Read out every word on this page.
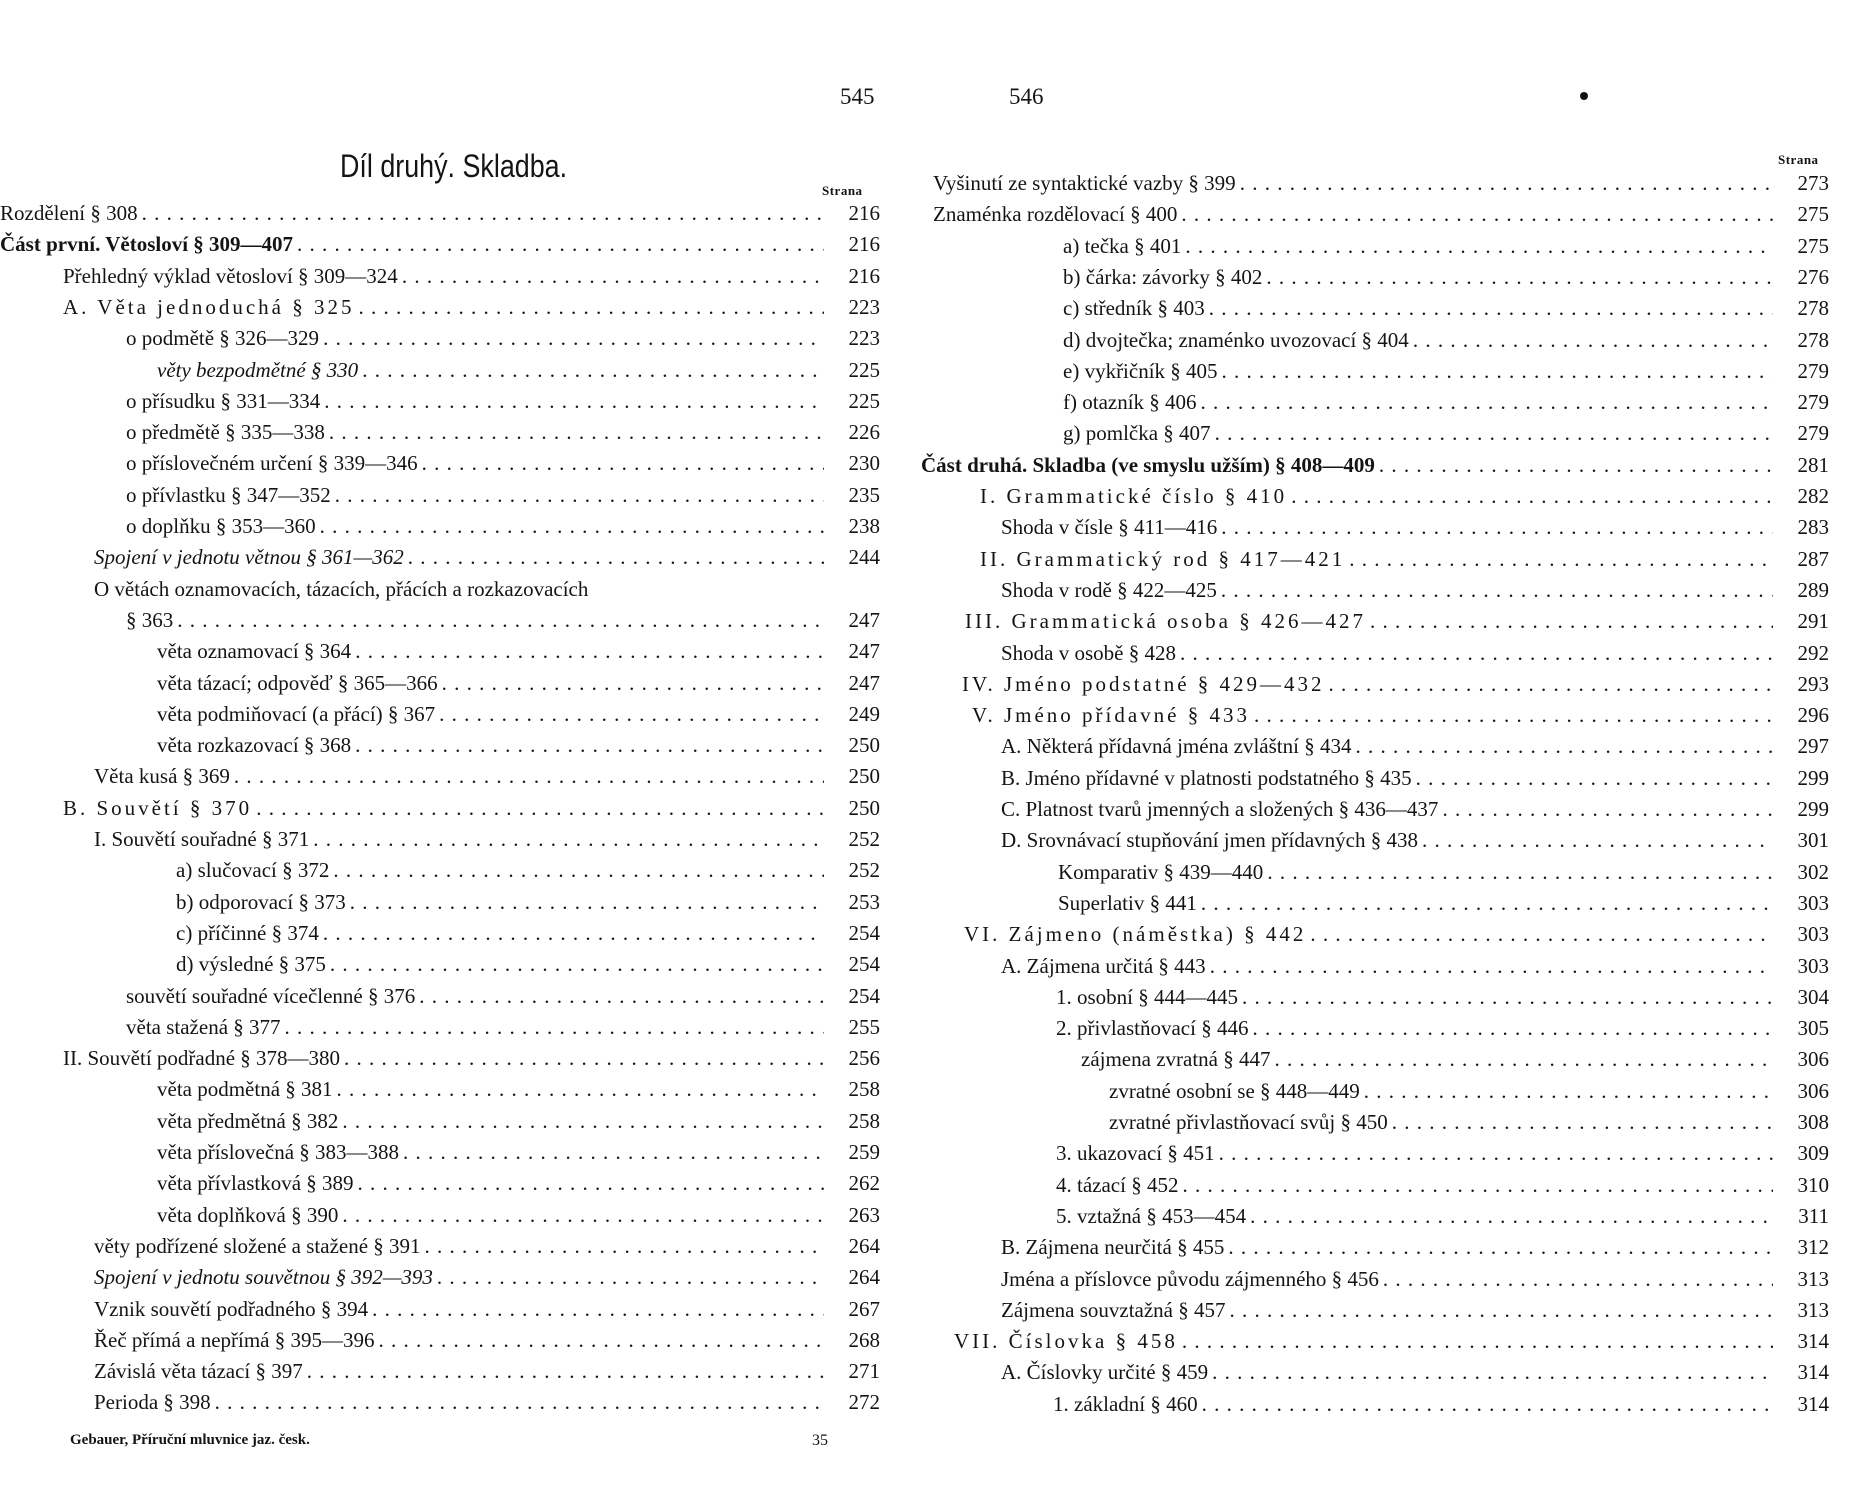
545
Díl druhý. Skladba.
Strana
Rozdělení § 308 . . .	216
Část první. Větosloví § 309—407 . . .	216
Přehledný výklad větosloví § 309—324 . . .	216
A. Věta jednoduchá § 325 . . .	223
o podmětě § 326—329 . . .	223
věty bezpodmětné § 330 . . .	225
o přísudku § 331—334 . . .	225
o předmětě § 335—338 . . .	226
o příslovečném určení § 339—346 . . .	230
o přívlastku § 347—352 . . .	235
o doplňku § 353—360 . . .	238
Spojení v jednotu větnou § 361—362 . . .	244
O větách oznamovacích, tázacích, přácích a rozkazovacích
§ 363 . . .	247
věta oznamovací § 364 . . .	247
věta tázací; odpověď § 365—366 . . .	247
věta podmiňovací (a přácí) § 367 . . .	249
věta rozkazovací § 368 . . .	250
Věta kusá § 369 . . .	250
B. Souvětí § 370 . . .	250
I. Souvětí souřadné § 371 . . .	252
a) slučovací § 372 . . .	252
b) odporovací § 373 . . .	253
c) příčinné § 374 . . .	254
d) výsledné § 375 . . .	254
souvětí souřadné vícečlenné § 376 . . .	254
věta stažená § 377 . . .	255
II. Souvětí podřadné § 378—380 . . .	256
věta podmětná § 381 . . .	258
věta předmětná § 382 . . .	258
věta příslovečná § 383—388 . . .	259
věta přívlastková § 389 . . .	262
věta doplňková § 390 . . .	263
věty podřízené složené a stažené § 391 . . .	264
Spojení v jednotu souvětnou § 392—393 . . .	264
Vznik souvětí podřadného § 394 . . .	267
Řeč přímá a nepřímá § 395—396 . . .	268
Závislá věta tázací § 397 . . .	271
Perioda § 398 . . .	272
Gebauer, Příruční mluvnice jaz. česk.	35
546
Strana
Vyšinutí ze syntaktické vazby § 399 . . .	273
Znaménka rozdělovací § 400 . . .	275
a) tečka § 401 . . .	275
b) čárka: závorky § 402 . . .	276
c) středník § 403 . . .	278
d) dvojtečka; znaménko uvozovací § 404 . . .	278
e) vykřičník § 405 . . .	279
f) otazník § 406 . . .	279
g) pomlčka § 407 . . .	279
Část druhá. Skladba (ve smyslu užším) § 408—409 . . .	281
I. Grammatické číslo § 410 . . .	282
Shoda v čísle § 411—416 . . .	283
II. Grammatický rod § 417—421 . . .	287
Shoda v rodě § 422—425 . . .	289
III. Grammatická osoba § 426—427 . . .	291
Shoda v osobě § 428 . . .	292
IV. Jméno podstatné § 429—432 . . .	293
V. Jméno přídavné § 433 . . .	296
A. Některá přídavná jména zvláštní § 434 . . .	297
B. Jméno přídavné v platnosti podstatného § 435 . . .	299
C. Platnost tvarů jmenných a složených § 436—437 . . .	299
D. Srovnávací stupňování jmen přídavných § 438 . . .	301
Komparativ § 439—440 . . .	302
Superlativ § 441 . . .	303
VI. Zájmeno (náměstka) § 442 . . .	303
A. Zájmena určitá § 443 . . .	303
1. osobní § 444—445 . . .	304
2. přivlastňovací § 446 . . .	305
zájmena zvratná § 447 . . .	306
zvratné osobní se § 448—449 . . .	306
zvratné přivlastňovací svůj § 450 . . .	308
3. ukazovací § 451 . . .	309
4. tázací § 452 . . .	310
5. vztažná § 453—454 . . .	311
B. Zájmena neurčitá § 455 . . .	312
Jména a příslovce původu zájmenného § 456 . . .	313
Zájmena souvztažná § 457 . . .	313
VII. Číslovka § 458 . . .	314
A. Číslovky určité § 459 . . .	314
1. základní § 460 . . .	314
